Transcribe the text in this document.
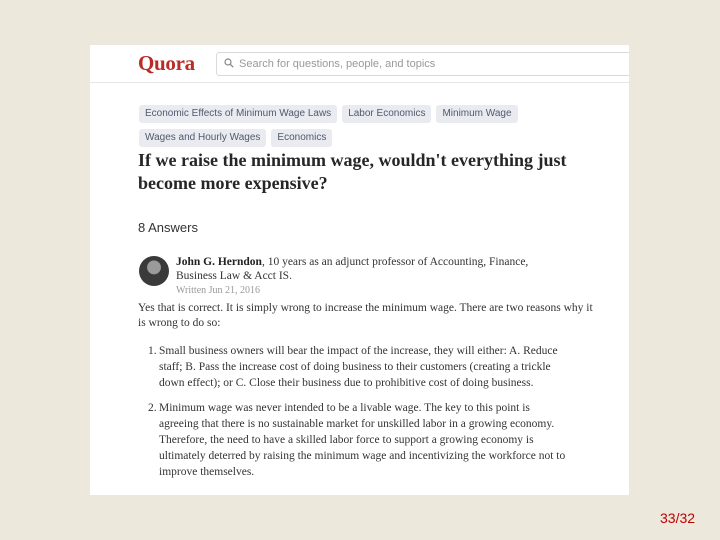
Quora
Search for questions, people, and topics
Economic Effects of Minimum Wage Laws	Labor Economics	Minimum Wage
Wages and Hourly Wages	Economics
If we raise the minimum wage, wouldn't everything just become more expensive?
8 Answers
John G. Herndon, 10 years as an adjunct professor of Accounting, Finance, Business Law & Acct IS.
Written Jun 21, 2016

Yes that is correct. It is simply wrong to increase the minimum wage. There are two reasons why it is wrong to do so:

1. Small business owners will bear the impact of the increase, they will either: A. Reduce staff; B. Pass the increase cost of doing business to their customers (creating a trickle down effect); or C. Close their business due to prohibitive cost of doing business.
2. Minimum wage was never intended to be a livable wage. The key to this point is agreeing that there is no sustainable market for unskilled labor in a growing economy. Therefore, the need to have a skilled labor force to support a growing economy is ultimately deterred by raising the minimum wage and incentivizing the workforce not to improve themselves.
33/32
